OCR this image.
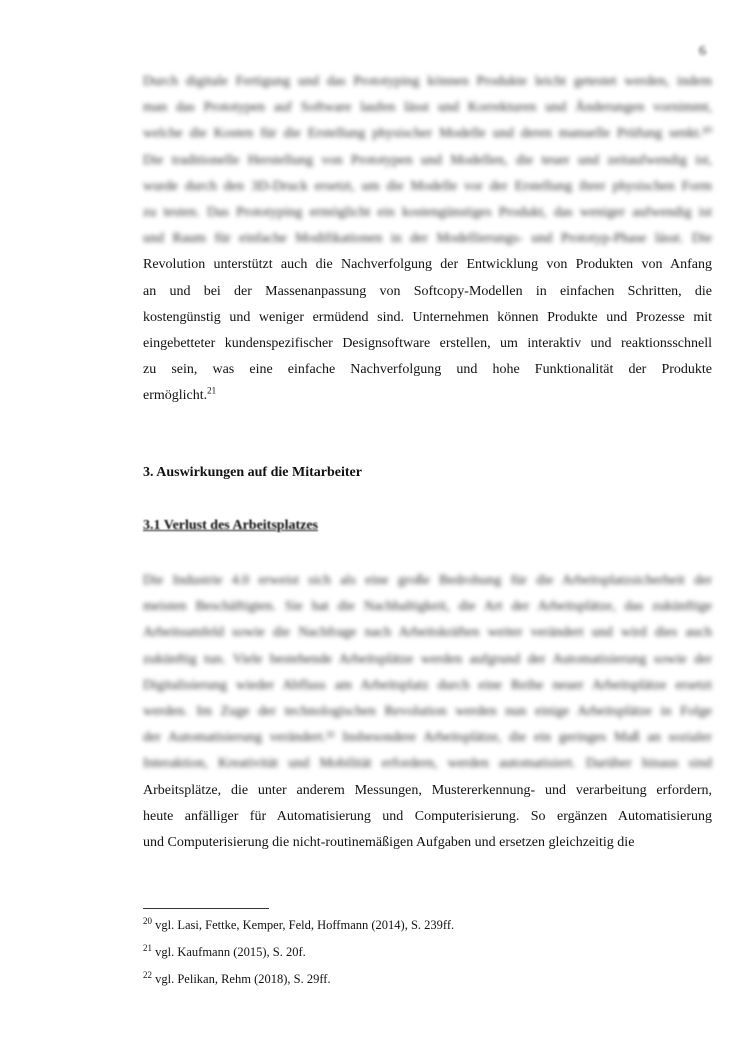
6
Durch digitale Fertigung und das Prototyping können Produkte leicht getestet werden, indem
man das Prototypen auf Software laufen lässt und Korrekturen und Änderungen vornimmt,
welche die Kosten für die Erstellung physischer Modelle und deren manuelle Prüfung senkt.²⁰
Die traditionelle Herstellung von Prototypen und Modellen, die teuer und zeitaufwendig ist,
wurde durch den 3D-Druck ersetzt, um die Modelle vor der Erstellung ihrer physischen Form
zu testen. Das Prototyping ermöglicht ein kostengünstiges Produkt, das weniger aufwendig ist
und Raum für einfache Modifikationen in der Modellierungs- und Prototyp-Phase lässt. Die
Revolution unterstützt auch die Nachverfolgung der Entwicklung von Produkten von Anfang
an und bei der Massenanpassung von Softcopy-Modellen in einfachen Schritten, die
kostengünstig und weniger ermüdend sind. Unternehmen können Produkte und Prozesse mit
eingebetteter kundenspezifischer Designsoftware erstellen, um interaktiv und reaktionsschnell
zu sein, was eine einfache Nachverfolgung und hohe Funktionalität der Produkte
ermöglicht.$^{21}$

3. Auswirkungen auf die Mitarbeiter

3.1 Verlust des Arbeitsplatzes

Die Industrie 4.0 erweist sich als eine große Bedrohung für die Arbeitsplatzsicherheit der
meisten Beschäftigten. Sie hat die Nachhaltigkeit, die Art der Arbeitsplätze, das zukünftige
Arbeitsumfeld sowie die Nachfrage nach Arbeitskräften weiter verändert und wird dies auch
zukünftig tun. Viele bestehende Arbeitsplätze werden aufgrund der Automatisierung sowie der
Digitalisierung wieder Abfluss am Arbeitsplatz durch eine Reihe neuer Arbeitsplätze ersetzt
werden. Im Zuge der technologischen Revolution werden nun einige Arbeitsplätze in Folge
der Automatisierung verändert.²² Insbesondere Arbeitsplätze, die ein geringes Maß an sozialer
Interaktion, Kreativität und Mobilität erfordern, werden automatisiert. Darüber hinaus sind
Arbeitsplätze, die unter anderem Messungen, Mustererkennung- und verarbeitung erfordern,
heute anfälliger für Automatisierung und Computerisierung. So ergänzen Automatisierung
und Computerisierung die nicht-routinemäßigen Aufgaben und ersetzen gleichzeitig die

$^{20}$ vgl. Lasi, Fettke, Kemper, Feld, Hoffmann (2014), S. 239ff.

$^{21}$ vgl. Kaufmann (2015), S. 20f.

$^{22}$ vgl. Pelikan, Rehm (2018), S. 29ff.
